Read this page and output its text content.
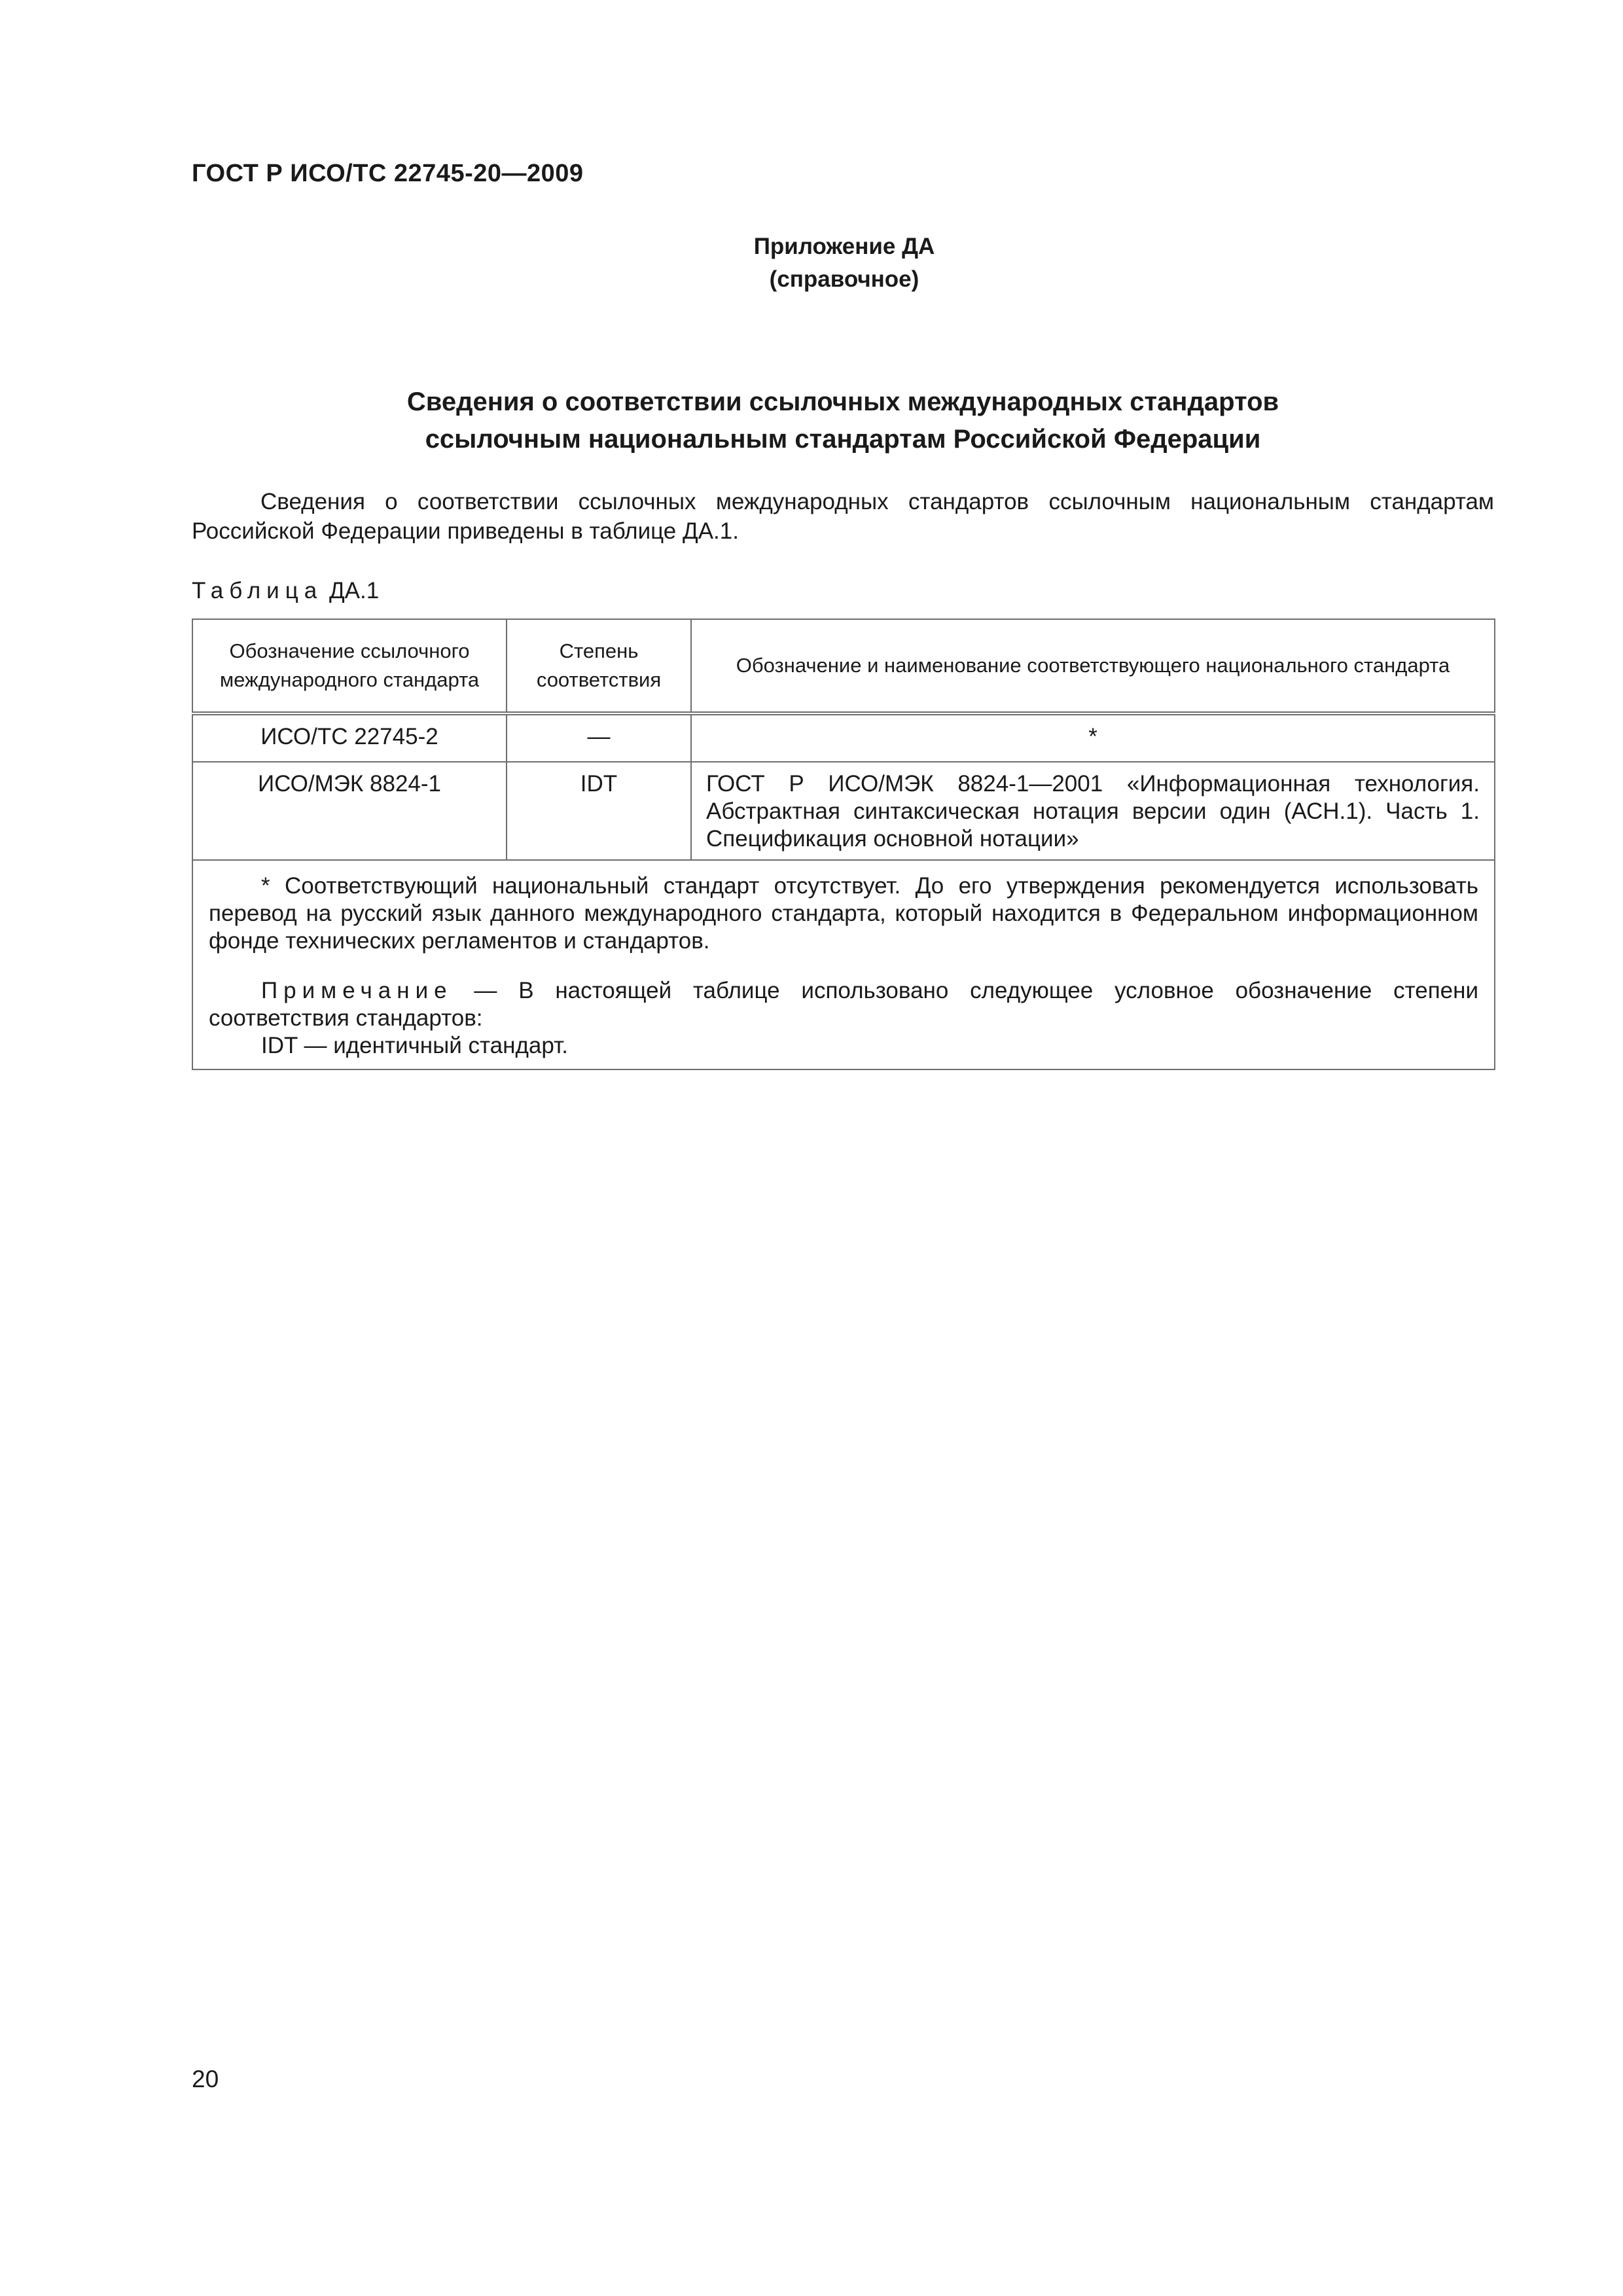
ГОСТ Р ИСО/ТС 22745-20—2009
Приложение ДА
(справочное)
Сведения о соответствии ссылочных международных стандартов
ссылочным национальным стандартам Российской Федерации

Сведения о соответствии ссылочных международных стандартов ссылочным национальным стандартам Российской Федерации приведены в таблице ДА.1.

Таблица ДА.1
Обозначение ссылочного международного стандарта	Степень соответствия	Обозначение и наименование соответствующего национального стандарта
ИСО/ТС 22745-2	—	*
ИСО/МЭК 8824-1	IDT	ГОСТ Р ИСО/МЭК 8824-1—2001 «Информационная технология. Абстрактная синтаксическая нотация версии один (АСН.1). Часть 1. Спецификация основной нотации»

* Соответствующий национальный стандарт отсутствует. До его утверждения рекомендуется использовать перевод на русский язык данного международного стандарта, который находится в Федеральном информационном фонде технических регламентов и стандартов.

Примечание — В настоящей таблице использовано следующее условное обозначение степени соответствия стандартов:

IDT — идентичный стандарт.		

20
